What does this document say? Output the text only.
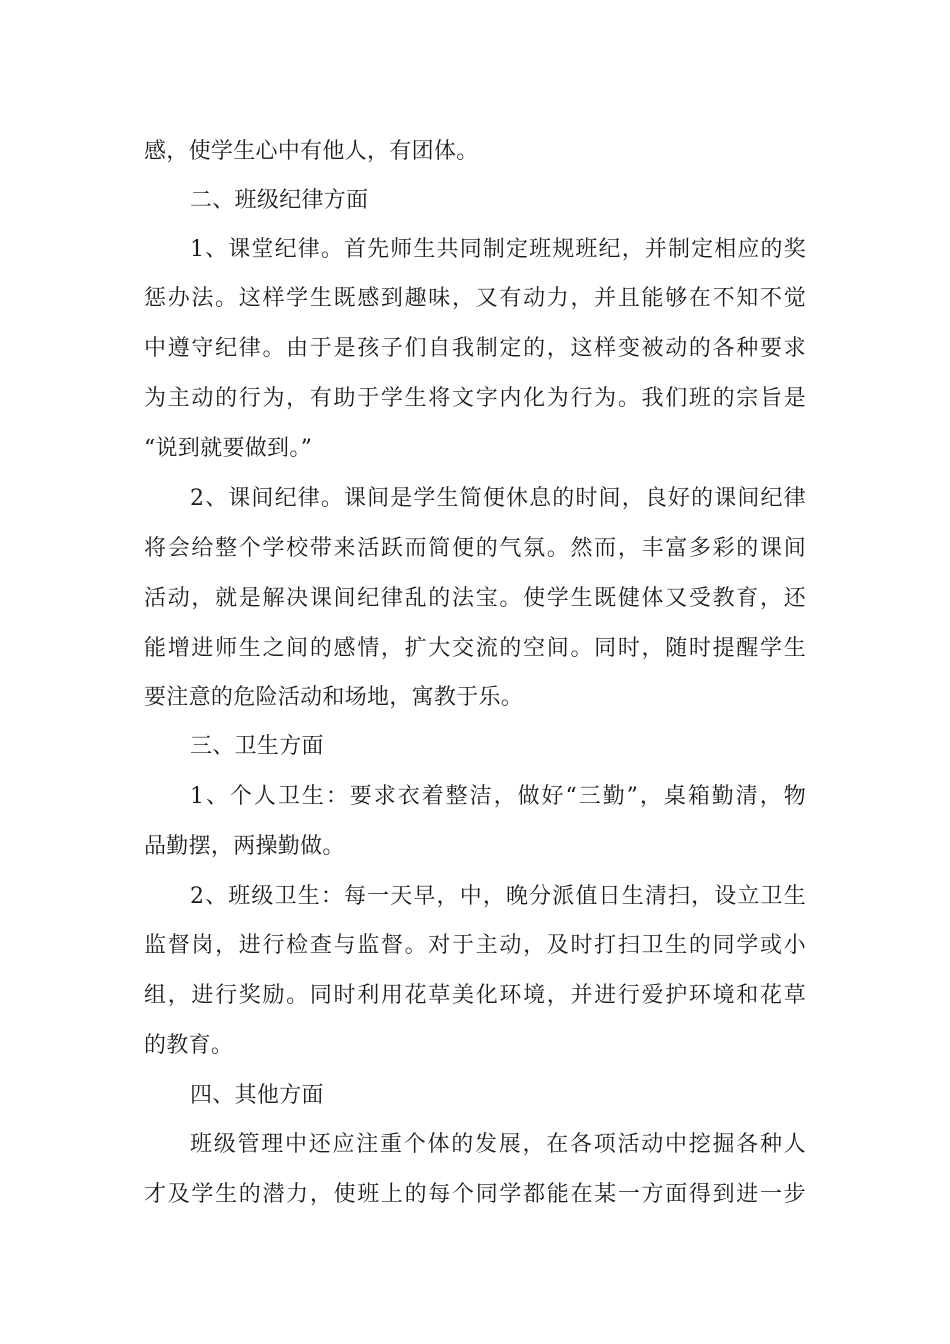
感，使学生心中有他人，有团体。
二、班级纪律方面
1、课堂纪律。首先师生共同制定班规班纪，并制定相应的奖
惩办法。这样学生既感到趣味，又有动力，并且能够在不知不觉
中遵守纪律。由于是孩子们自我制定的，这样变被动的各种要求
为主动的行为，有助于学生将文字内化为行为。我们班的宗旨是
“说到就要做到。”
2、课间纪律。课间是学生简便休息的时间，良好的课间纪律
将会给整个学校带来活跃而简便的气氛。然而，丰富多彩的课间
活动，就是解决课间纪律乱的法宝。使学生既健体又受教育，还
能增进师生之间的感情，扩大交流的空间。同时，随时提醒学生
要注意的危险活动和场地，寓教于乐。
三、卫生方面
1、个人卫生：要求衣着整洁，做好“三勤”，桌箱勤清，物
品勤摆，两操勤做。
2、班级卫生：每一天早，中，晚分派值日生清扫，设立卫生
监督岗，进行检查与监督。对于主动，及时打扫卫生的同学或小
组，进行奖励。同时利用花草美化环境，并进行爱护环境和花草
的教育。
四、其他方面
班级管理中还应注重个体的发展，在各项活动中挖掘各种人
才及学生的潜力，使班上的每个同学都能在某一方面得到进一步
